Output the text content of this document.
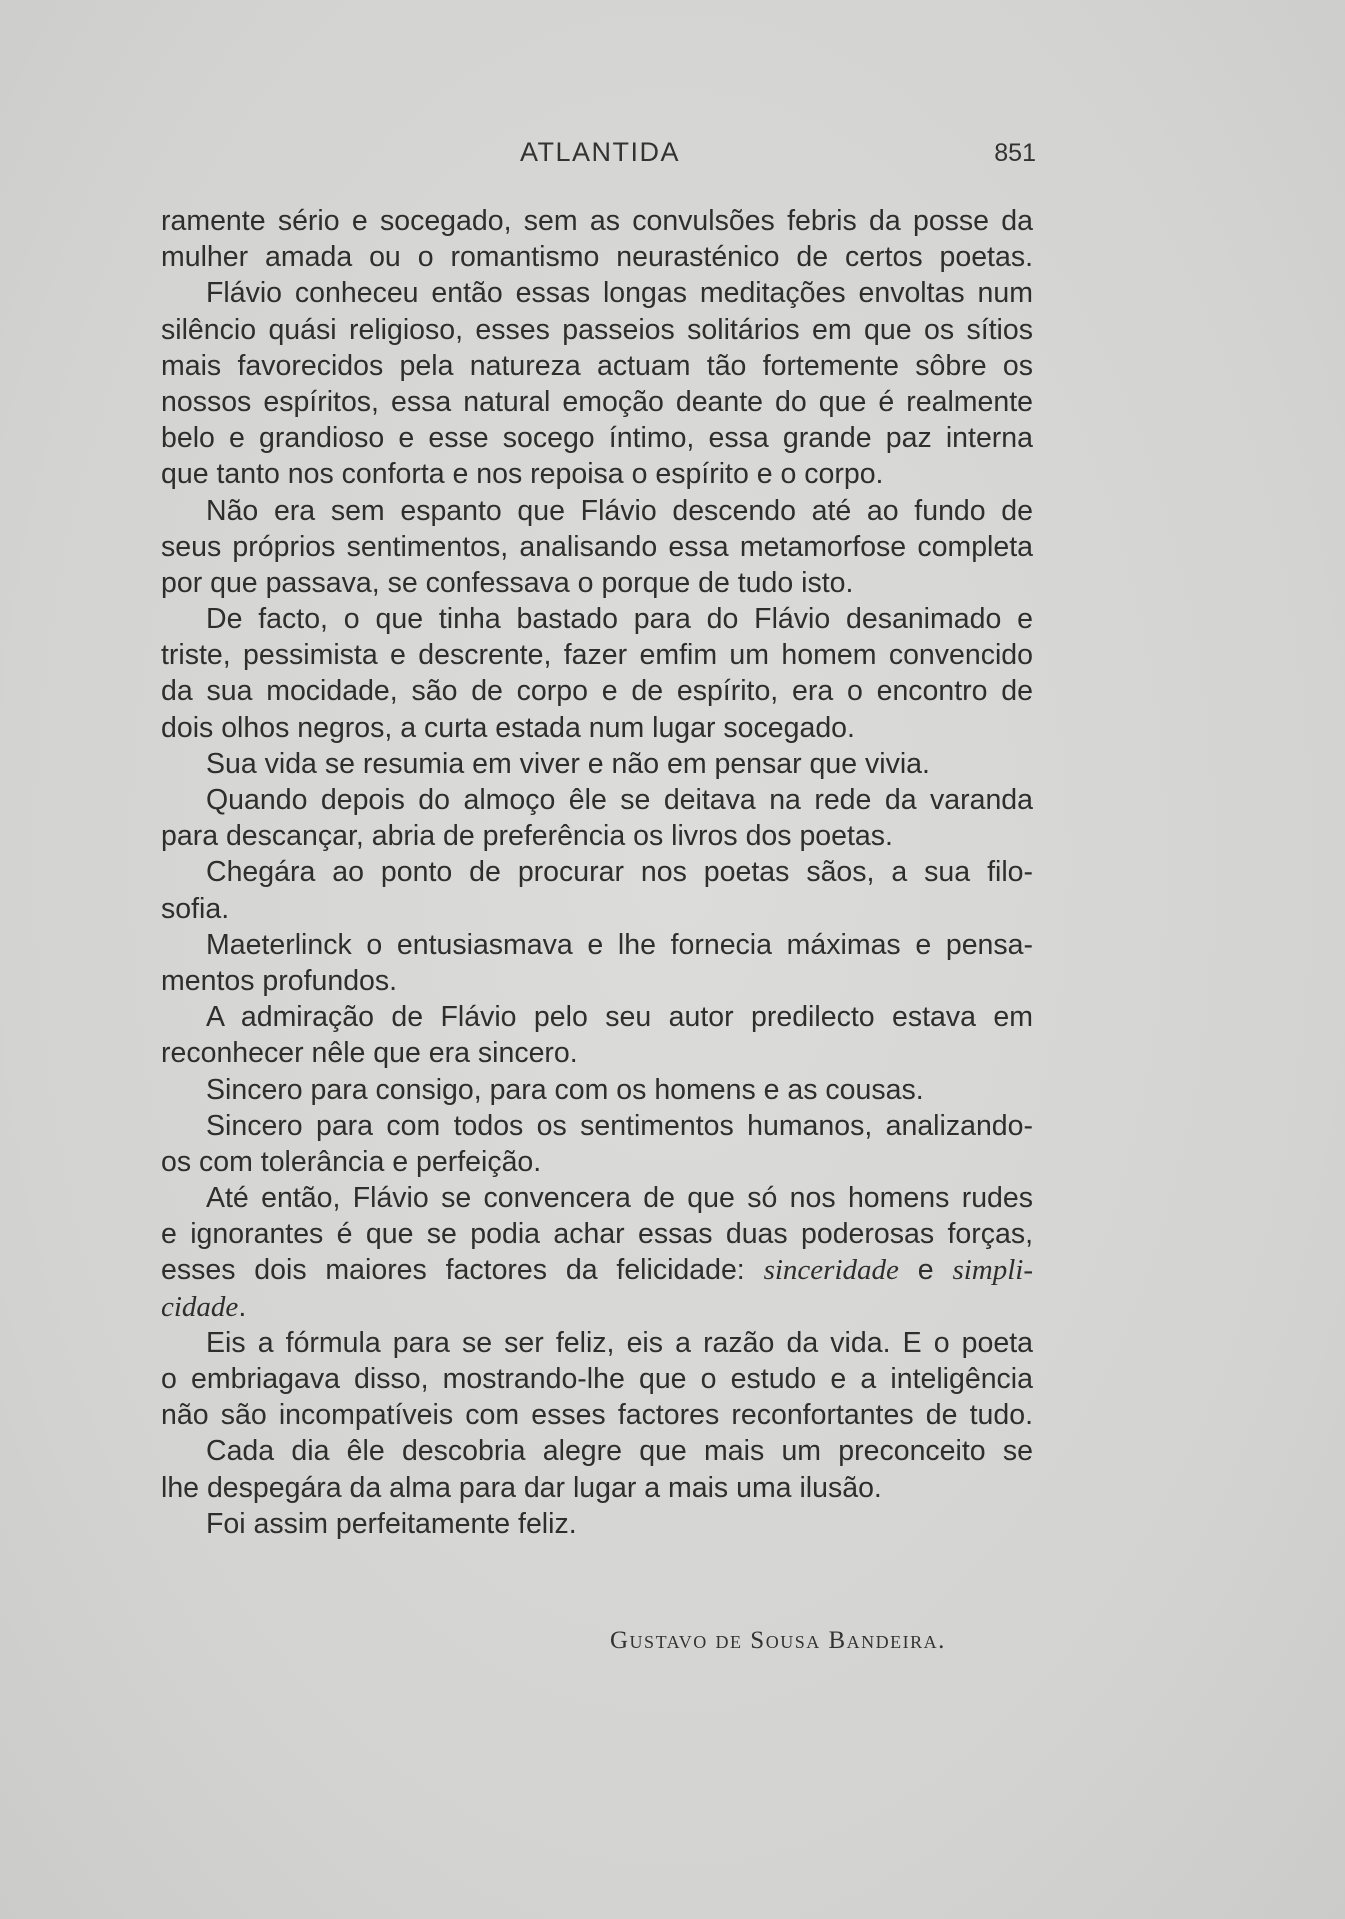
ATLANTIDA	851
ramente sério e socegado, sem as convulsões febris da posse da
mulher amada ou o romantismo neurasténico de certos poetas.
Flávio conheceu então essas longas meditações envoltas num
silêncio quási religioso, esses passeios solitários em que os sítios
mais favorecidos pela natureza actuam tão fortemente sôbre os
nossos espíritos, essa natural emoção deante do que é realmente
belo e grandioso e esse socego íntimo, essa grande paz interna
que tanto nos conforta e nos repoisa o espírito e o corpo.
Não era sem espanto que Flávio descendo até ao fundo de
seus próprios sentimentos, analisando essa metamorfose completa
por que passava, se confessava o porque de tudo isto.
De facto, o que tinha bastado para do Flávio desanimado e
triste, pessimista e descrente, fazer emfim um homem convencido
da sua mocidade, são de corpo e de espírito, era o encontro de
dois olhos negros, a curta estada num lugar socegado.
Sua vida se resumia em viver e não em pensar que vivia.
Quando depois do almoço êle se deitava na rede da varanda
para descançar, abria de preferência os livros dos poetas.
Chegára ao ponto de procurar nos poetas sãos, a sua filo-
sofia.
Maeterlinck o entusiasmava e lhe fornecia máximas e pensa-
mentos profundos.
A admiração de Flávio pelo seu autor predilecto estava em
reconhecer nêle que era sincero.
Sincero para consigo, para com os homens e as cousas.
Sincero para com todos os sentimentos humanos, analizando-
os com tolerância e perfeição.
Até então, Flávio se convencera de que só nos homens rudes
e ignorantes é que se podia achar essas duas poderosas forças,
esses dois maiores factores da felicidade: sinceridade e simpli-
cidade.
Eis a fórmula para se ser feliz, eis a razão da vida. E o poeta
o embriagava disso, mostrando-lhe que o estudo e a inteligência
não são incompatíveis com esses factores reconfortantes de tudo.
Cada dia êle descobria alegre que mais um preconceito se
lhe despegára da alma para dar lugar a mais uma ilusão.
Foi assim perfeitamente feliz.
Gustavo de Sousa Bandeira.
